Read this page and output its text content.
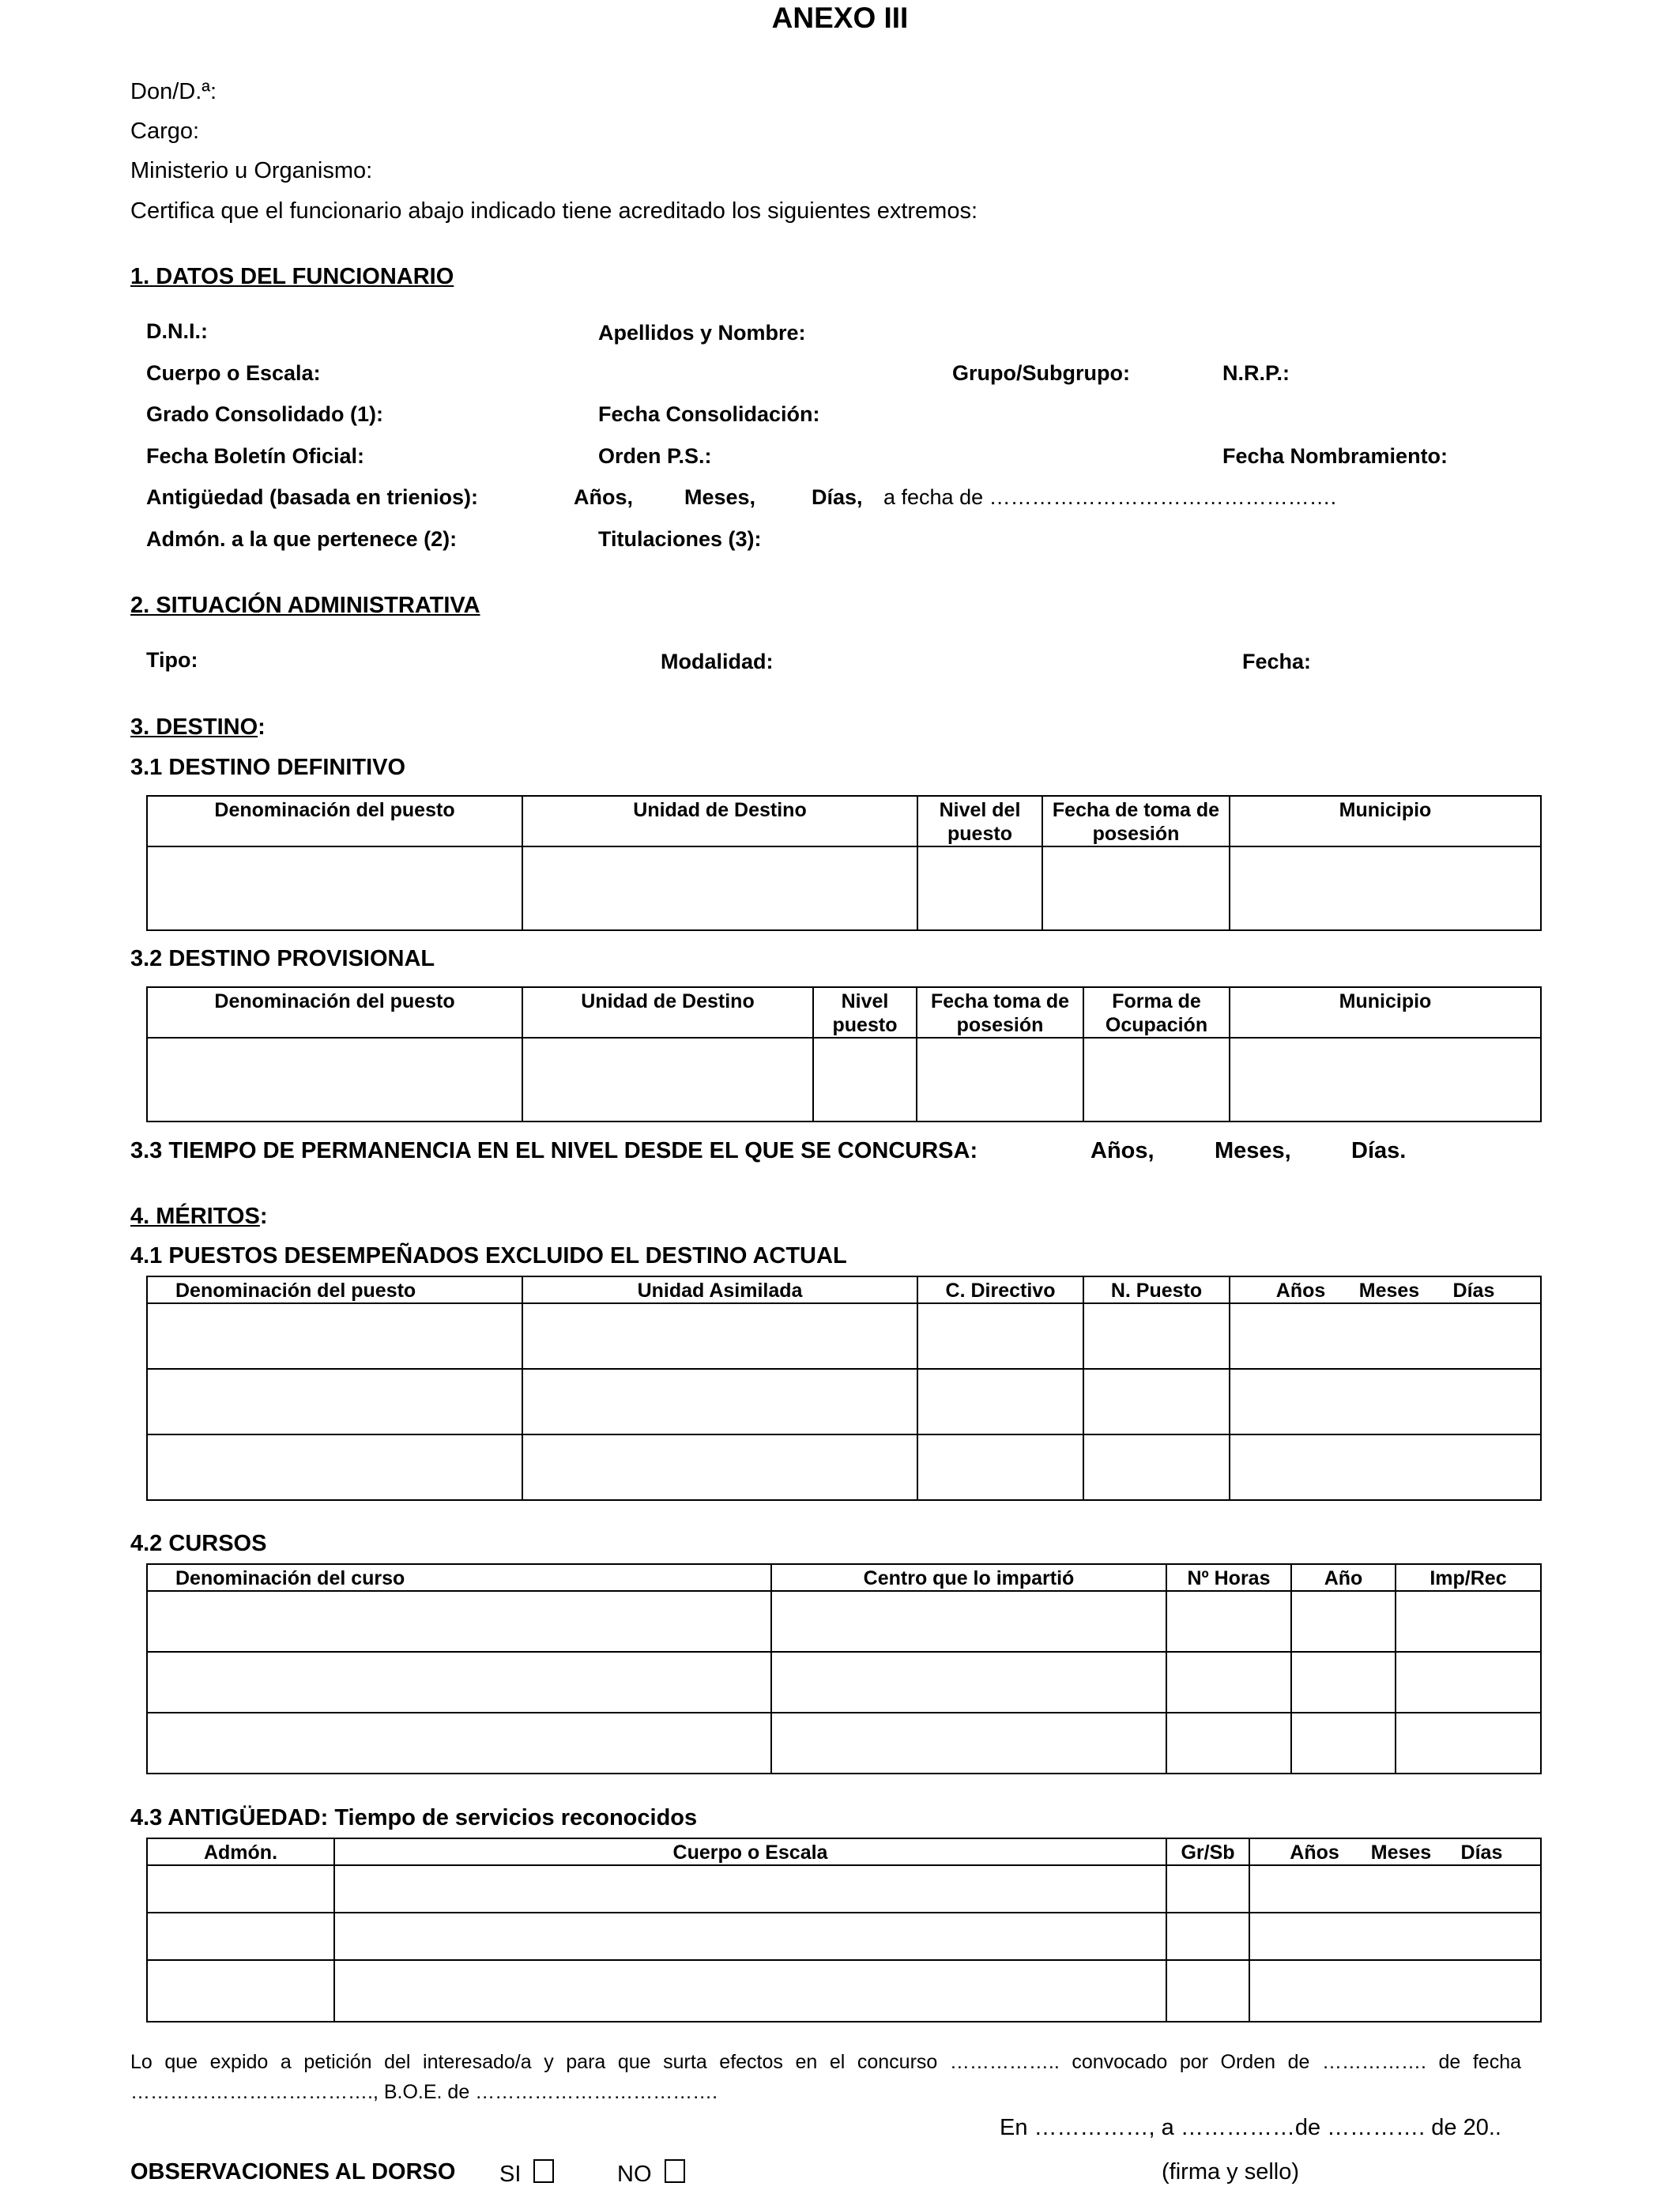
ANEXO III
Don/D.ª:
Cargo:
Ministerio u Organismo:
Certifica que el funcionario abajo indicado tiene acreditado los siguientes extremos:
1. DATOS DEL FUNCIONARIO
D.N.I.:	Apellidos y Nombre:
Cuerpo o Escala:	Grupo/Subgrupo:	N.R.P.:
Grado Consolidado (1):	Fecha Consolidación:
Fecha Boletín Oficial:	Orden P.S.:	Fecha Nombramiento:
Antigüedad (basada en trienios):	Años, Meses,	Días, a fecha de ………………………………………….
Admón. a la que pertenece (2):	Titulaciones (3):
2. SITUACIÓN ADMINISTRATIVA
Tipo:	Modalidad:	Fecha:
3. DESTINO:
3.1 DESTINO DEFINITIVO
Denominación del puesto	Unidad de Destino	Nivel del puesto	Fecha de toma de posesión	Municipio

3.2 DESTINO PROVISIONAL
Denominación del puesto	Unidad de Destino	Nivel puesto	Fecha toma de posesión	Forma de Ocupación	Municipio

3.3 TIEMPO DE PERMANENCIA EN EL NIVEL DESDE EL QUE SE CONCURSA:	Años,	Meses,	Días.
4. MÉRITOS:
4.1 PUESTOS DESEMPEÑADOS EXCLUIDO EL DESTINO ACTUAL
Denominación del puesto	Unidad Asimilada	C. Directivo	N. Puesto	Años Meses Días

4.2 CURSOS
Denominación del curso	Centro que lo impartió	Nº Horas	Año	Imp/Rec

4.3 ANTIGÜEDAD: Tiempo de servicios reconocidos
Admón.	Cuerpo o Escala	Gr/Sb	Años Meses Días

Lo que expido a petición del interesado/a y para que surta efectos en el concurso …………….. convocado por Orden de ……………. de fecha ………………………………., B.O.E. de ……………………………….
En ……………, a ……………de …………. de 20..
OBSERVACIONES AL DORSO SI	NO	(firma y sello)
